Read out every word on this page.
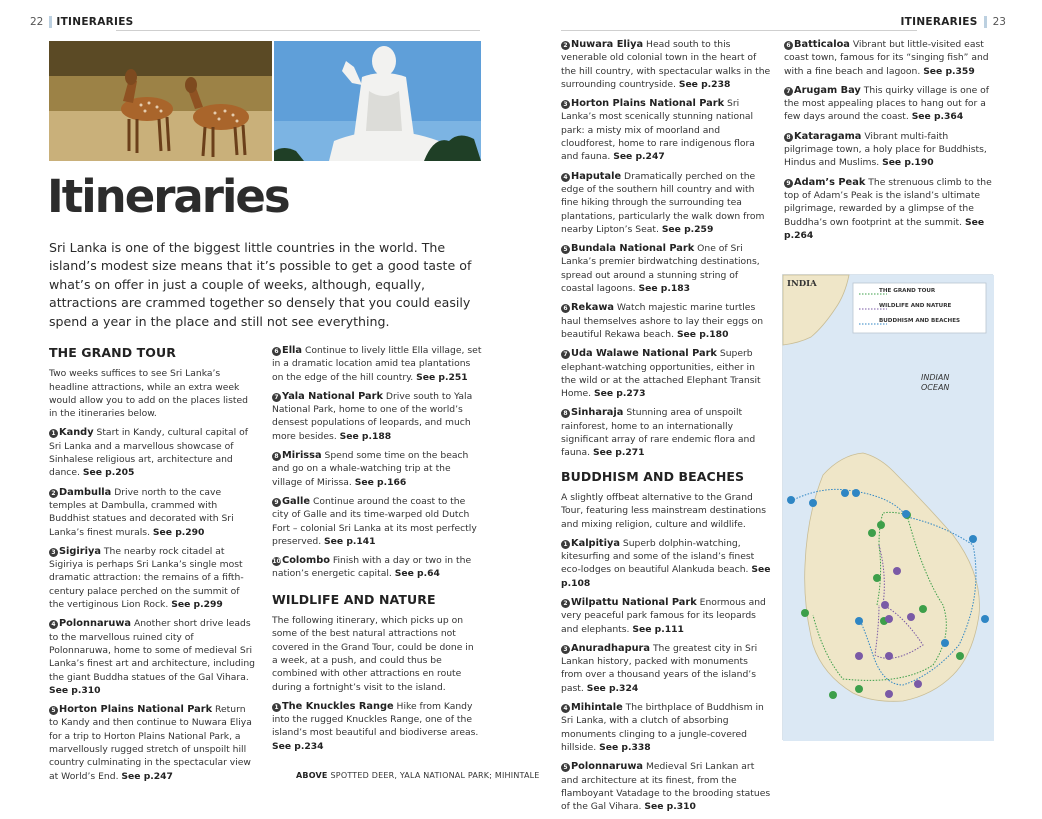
22 ITINERARIES	ITINERARIES 23
Itineraries
Sri Lanka is one of the biggest little countries in the world. The island’s modest size means that it’s possible to get a good taste of what’s on offer in just a couple of weeks, although, equally, attractions are crammed together so densely that you could easily spend a year in the place and still not see everything.
THE GRAND TOUR

Two weeks suffices to see Sri Lanka’s headline attractions, while an extra week would allow you to add on the places listed in the itineraries below.

1 Kandy Start in Kandy, cultural capital of Sri Lanka and a marvellous showcase of Sinhalese religious art, architecture and dance. See p.205

2 Dambulla Drive north to the cave temples at Dambulla, crammed with Buddhist statues and decorated with Sri Lanka’s finest murals. See p.290

3 Sigiriya The nearby rock citadel at Sigiriya is perhaps Sri Lanka’s single most dramatic attraction: the remains of a fifth-century palace perched on the summit of the vertiginous Lion Rock. See p.299

4 Polonnaruwa Another short drive leads to the marvellous ruined city of Polonnaruwa, home to some of medieval Sri Lanka’s finest art and architecture, including the giant Buddha statues of the Gal Vihara. See p.310

5 Horton Plains National Park Return to Kandy and then continue to Nuwara Eliya for a trip to Horton Plains National Park, a marvellously rugged stretch of unspoilt hill country culminating in the spectacular view at World’s End. See p.247

6 Ella Continue to lively little Ella village, set in a dramatic location amid tea plantations on the edge of the hill country. See p.251

7 Yala National Park Drive south to Yala National Park, home to one of the world’s densest populations of leopards, and much more besides. See p.188

8 Mirissa Spend some time on the beach and go on a whale-watching trip at the village of Mirissa. See p.166

9 Galle Continue around the coast to the city of Galle and its time-warped old Dutch Fort – colonial Sri Lanka at its most perfectly preserved. See p.141

10Colombo Finish with a day or two in the nation’s energetic capital. See p.64

WILDLIFE AND NATURE

The following itinerary, which picks up on some of the best natural attractions not covered in the Grand Tour, could be done in a week, at a push, and could thus be combined with other attractions en route during a fortnight’s visit to the island.

1 The Knuckles Range Hike from Kandy into the rugged Knuckles Range, one of the island’s most beautiful and biodiverse areas. See p.234

2 Nuwara Eliya Head south to this venerable old colonial town in the heart of the hill country, with spectacular walks in the surrounding countryside. See p.238

3 Horton Plains National Park Sri Lanka’s most scenically stunning national park: a misty mix of moorland and cloudforest, home to rare indigenous flora and fauna. See p.247

4 Haputale Dramatically perched on the edge of the southern hill country and with fine hiking through the surrounding tea plantations, particularly the walk down from nearby Lipton’s Seat. See p.259

5 Bundala National Park One of Sri Lanka’s premier birdwatching destinations, spread out around a stunning string of coastal lagoons. See p.183

6 Rekawa Watch majestic marine turtles haul themselves ashore to lay their eggs on beautiful Rekawa beach. See p.180

7 Uda Walawe National Park Superb elephant-watching opportunities, either in the wild or at the attached Elephant Transit Home. See p.273

8 Sinharaja Stunning area of unspoilt rainforest, home to an internationally significant array of rare endemic flora and fauna. See p.271

BUDDHISM AND BEACHES

A slightly offbeat alternative to the Grand Tour, featuring less mainstream destinations and mixing religion, culture and wildlife.

1 Kalpitiya Superb dolphin-watching, kitesurfing and some of the island’s finest eco-lodges on beautiful Alankuda beach. See p.108

2 Wilpattu National Park Enormous and very peaceful park famous for its leopards and elephants. See p.111

3 Anuradhapura The greatest city in Sri Lankan history, packed with monuments from over a thousand years of the island’s past. See p.324

4 Mihintale The birthplace of Buddhism in Sri Lanka, with a clutch of absorbing monuments clinging to a jungle-covered hillside. See p.338

5 Polonnaruwa Medieval Sri Lankan art and architecture at its finest, from the flamboyant Vatadage to the brooding statues of the Gal Vihara. See p.310

6 Batticaloa Vibrant but little-visited east coast town, famous for its “singing fish” and with a fine beach and lagoon. See p.359

7 Arugam Bay This quirky village is one of the most appealing places to hang out for a few days around the coast. See p.364

8 Kataragama Vibrant multi-faith pilgrimage town, a holy place for Buddhists, Hindus and Muslims. See p.190

9 Adam’s Peak The strenuous climb to the top of Adam’s Peak is the island’s ultimate pilgrimage, rewarded by a glimpse of the Buddha’s own footprint at the summit. See p.264

INDIA
THE GRAND TOUR
WILDLIFE AND NATURE
BUDDHISM AND BEACHES
INDIAN
OCEAN
ABOVE SPOTTED DEER, YALA NATIONAL PARK; MIHINTALE
